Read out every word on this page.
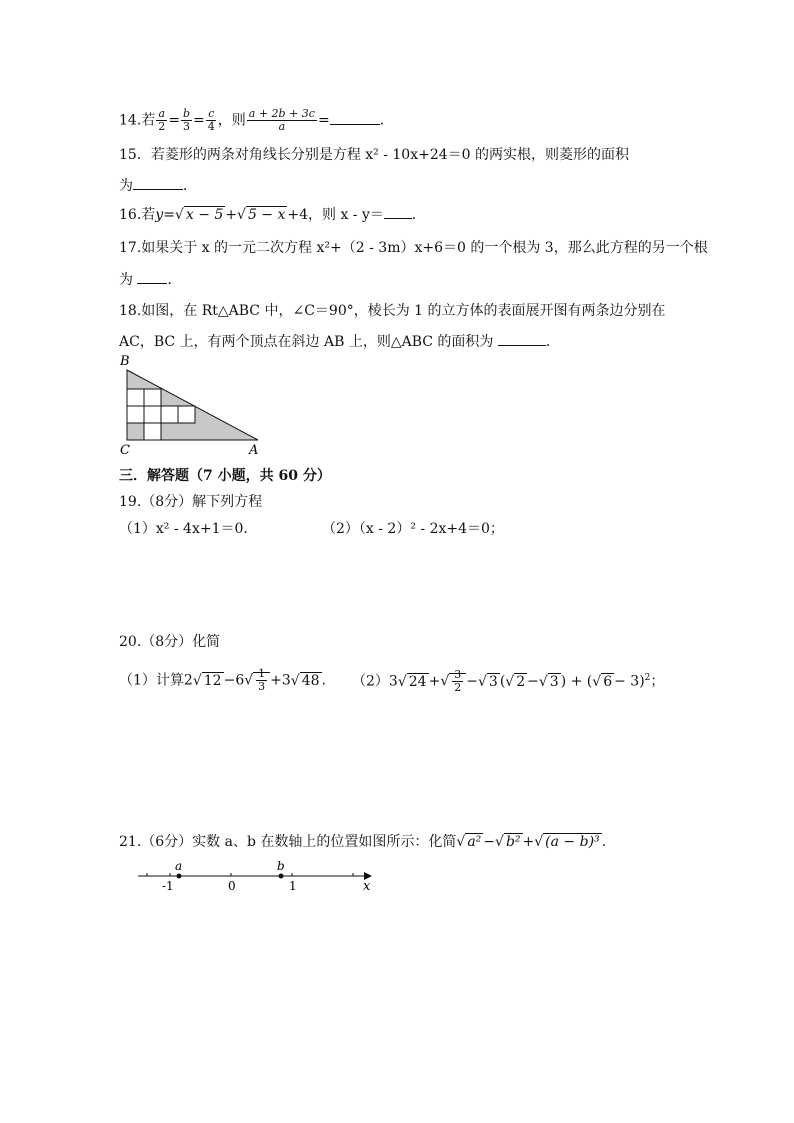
14.若 $\frac{a}{2} = \frac{b}{3} = \frac{c}{4}$ ，则 $\frac{a + 2b + 3c}{a}$ =	．
15．若菱形的两条对角线长分别是方程 x² - 10x+24＝0 的两实根，则菱形的面积
为	．
16.若y=√ x − 5 +√ 5 − x +4，则 x - y＝ ．
17.如果关于 x 的一元二次方程 x²+（2 - 3m）x+6＝0 的一个根为 3，那么此方程的另一个根
为 ．
18.如图，在 Rt△ABC 中，∠C＝90°，棱长为 1 的立方体的表面展开图有两条边分别在
AC，BC 上，有两个顶点在斜边 AB 上，则△ABC 的面积为	．
B
C	A
三．解答题（7 小题，共 60 分）
19.（8分）解下列方程
（1）x² - 4x+1＝0．	（2）（x - 2）² - 2x+4＝0；
20.（8分）化简
（1）计算2√ $12 -6√ \frac{1}{3} +3√$ 48 . （2）3√ 24 +√ $\frac{3}{2}$ −√ 3 (√ 2 −√ 3 ) + (√ 6 − 3)$^2$；
21.（6分）实数 a、b 在数轴上的位置如图所示：化简√ a² −√ b² +√ (a − b)³ .
a	b
-1	0	1	x
